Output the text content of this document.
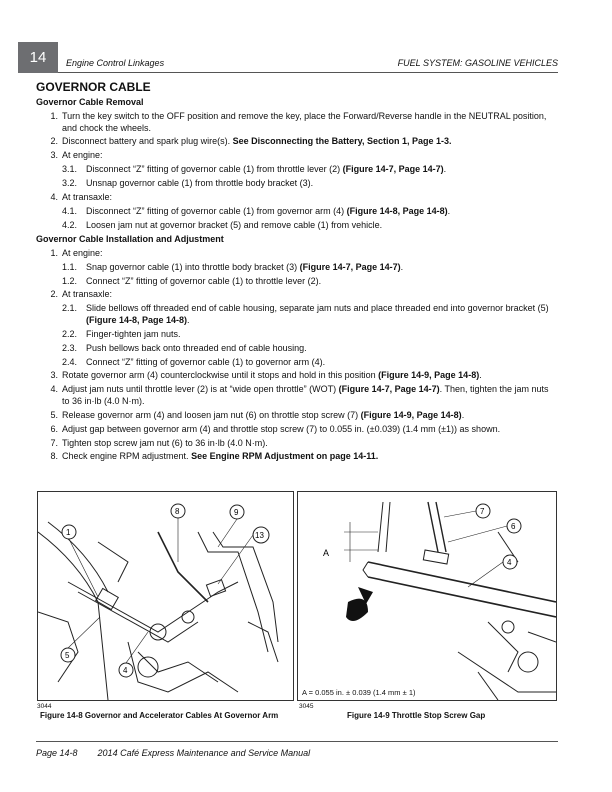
14	Engine Control Linkages	FUEL SYSTEM: GASOLINE VEHICLES
GOVERNOR CABLE
Governor Cable Removal
1. Turn the key switch to the OFF position and remove the key, place the Forward/Reverse handle in the NEUTRAL position, and chock the wheels.
2. Disconnect battery and spark plug wire(s). See Disconnecting the Battery, Section 1, Page 1-3.
3. At engine:
3.1. Disconnect “Z” fitting of governor cable (1) from throttle lever (2) (Figure 14-7, Page 14-7).
3.2. Unsnap governor cable (1) from throttle body bracket (3).
4. At transaxle:
4.1. Disconnect “Z” fitting of governor cable (1) from governor arm (4) (Figure 14-8, Page 14-8).
4.2. Loosen jam nut at governor bracket (5) and remove cable (1) from vehicle.
Governor Cable Installation and Adjustment
1. At engine:
1.1. Snap governor cable (1) into throttle body bracket (3) (Figure 14-7, Page 14-7).
1.2. Connect “Z” fitting of governor cable (1) to throttle lever (2).
2. At transaxle:
2.1. Slide bellows off threaded end of cable housing, separate jam nuts and place threaded end into governor bracket (5) (Figure 14-8, Page 14-8).
2.2. Finger-tighten jam nuts.
2.3. Push bellows back onto threaded end of cable housing.
2.4. Connect “Z” fitting of governor cable (1) to governor arm (4).
3. Rotate governor arm (4) counterclockwise until it stops and hold in this position (Figure 14-9, Page 14-8).
4. Adjust jam nuts until throttle lever (2) is at “wide open throttle” (WOT) (Figure 14-7, Page 14-7). Then, tighten the jam nuts to 36 in·lb (4.0 N·m).
5. Release governor arm (4) and loosen jam nut (6) on throttle stop screw (7) (Figure 14-9, Page 14-8).
6. Adjust gap between governor arm (4) and throttle stop screw (7) to 0.055 in. (±0.039) (1.4 mm (±1)) as shown.
7. Tighten stop screw jam nut (6) to 36 in·lb (4.0 N·m).
8. Check engine RPM adjustment. See Engine RPM Adjustment on page 14-11.
1
4
5
8	9
13
3044
Figure 14-8 Governor and Accelerator Cables At Governor Arm
A
7
6
4
A = 0.055 in. ± 0.039 (1.4 mm ± 1)
3045
Figure 14-9 Throttle Stop Screw Gap
Page 14-8 2014 Café Express Maintenance and Service Manual
